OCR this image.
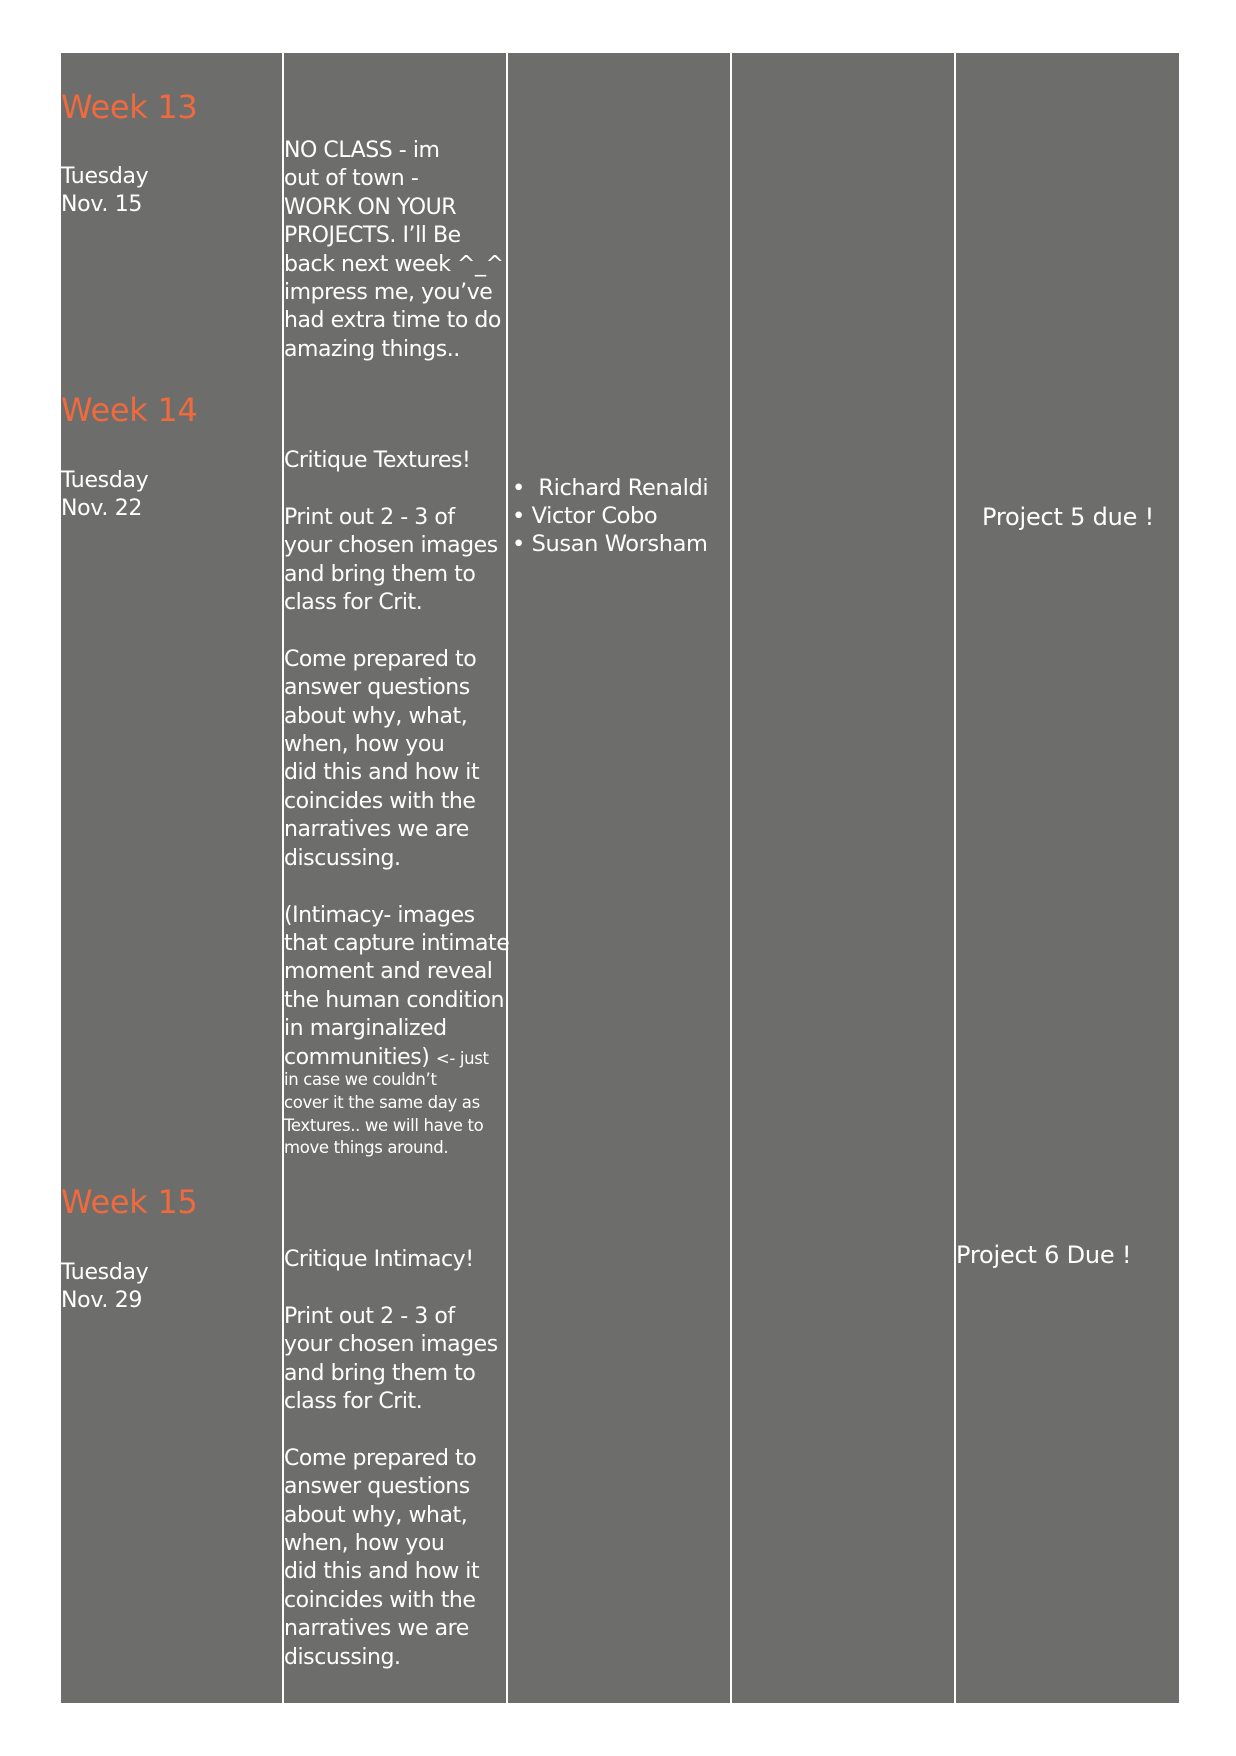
Week 13
Tuesday
Nov. 15
NO CLASS - im
out of town -
WORK ON YOUR
PROJECTS. I’ll Be
back next week ^_^
impress me, you’ve
had extra time to do
amazing things..
Week 14
Tuesday
Nov. 22
Critique Textures!

Print out 2 - 3 of
your chosen images
and bring them to
class for Crit.

Come prepared to
answer questions
about why, what,
when, how you
did this and how it
coincides with the
narratives we are
discussing.

(Intimacy- images
that capture intimate
moment and reveal
the human condition
in marginalized
communities) <- just
in case we couldn’t
cover it the same day as
Textures.. we will have to
move things around.
•  Richard Renaldi
• Victor Cobo
• Susan Worsham
Project 5 due !
Week 15
Tuesday
Nov. 29
Critique Intimacy!

Print out 2 - 3 of
your chosen images
and bring them to
class for Crit.

Come prepared to
answer questions
about why, what,
when, how you
did this and how it
coincides with the
narratives we are
discussing.
Project 6 Due !
